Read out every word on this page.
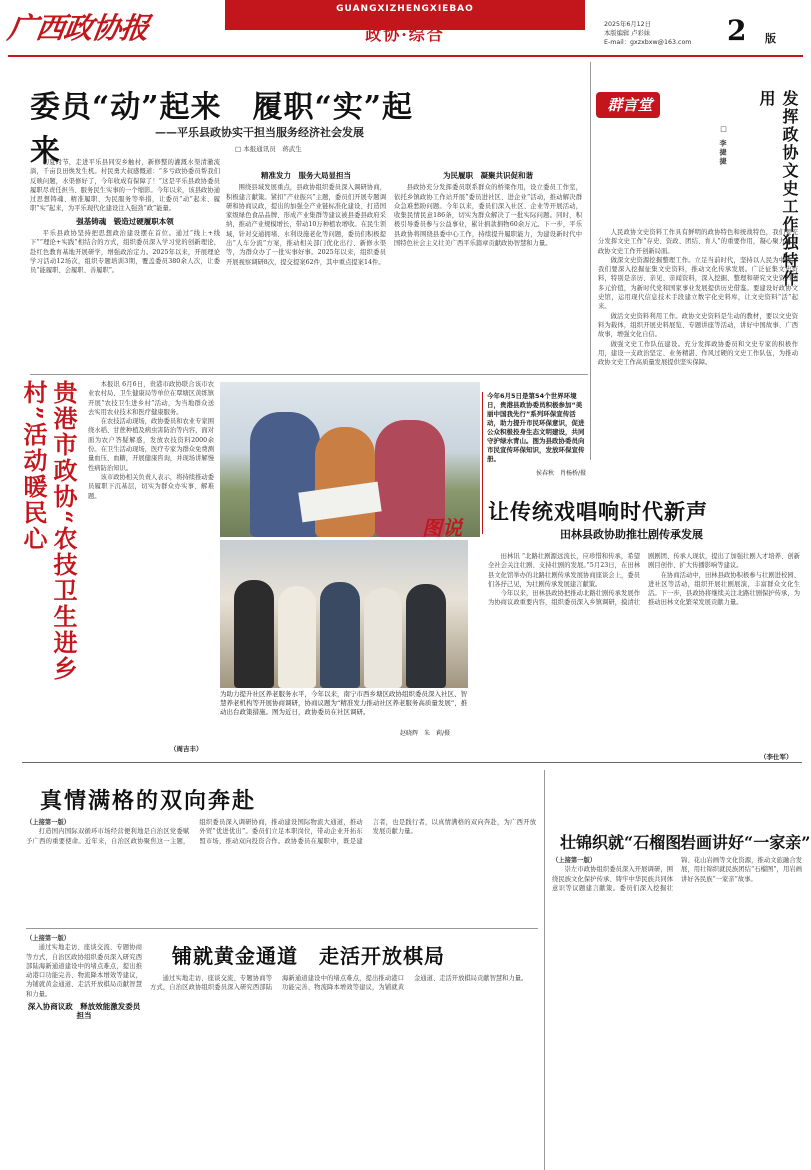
广西政协报
GUANGXIZHENGXIEBAO
政协·综合
2025年6月12日
本版编辑 卢彩妹
E-mail：gxzxbxw@163.com 2 版
委员“动”起来　履职“实”起来
——平乐县政协实干担当服务经济社会发展
□ 本报通讯员　蒋武生

初夏时节，走进平乐县同安乡触村，新修整的灌溉水渠清澈流淌，千亩良田焕发生机。村民勇大叔感慨道：“多亏政协委员帮我们反映问题，水渠修好了，今年收成有保障了！”这是平乐县政协委员履职尽责任担当、服务民生实事的一个缩影。今年以来，该县政协通过思想铸魂、精准履职、为民服务等举措，让委员“动”起来、履职“实”起来，为平乐现代化建设注入强劲“政”能量。

强基铸魂　锻造过硬履职本领

平乐县政协坚持把思想政治建设摆在首位。通过“线上+线下”“理论+实践”相结合的方式，组织委员深入学习党的创新理论，赴红色教育基地开展研学，增强政治定力。2025年以来，开展理论学习活动12场次，组织专题培训3期，覆盖委员380余人次，让委员“能履职、会履职、善履职”。

精准发力　服务大局显担当

围绕县域发展重点，县政协组织委员深入调研协商，积极建言献策。紧扣“产业振兴”主题，委员们开展专题调研和协商议政，提出的加强全产业链标准化建设、打造国家级绿色食品品牌、形成产业集群等建议被县委县政府采纳，推动产业规模增长，带动10万种植农增收。在民生领域，针对交通拥堵、水利设施老化等问题，委员们积极提出“人车分流”方案，推动相关部门优化出行、新修水渠等，为群众办了一批实事好事。2025年以来，组织委员开展视察调研8次，提交提案62件，其中重点提案14件。

为民履职　凝聚共识促和谐

县政协充分发挥委员联系群众的桥梁作用，设立委员工作室，依托乡镇政协工作站开展“委员进社区、进企业”活动，推动解决群众急难愁盼问题。今年以来，委员们深入社区、企业等开展活动，收集民情民意186条，切实为群众解决了一批实际问题。同时，积极引导委员参与公益事业，累计捐款捐物60余万元。下一步，平乐县政协将围绕县委中心工作，持续提升履职能力，为建设新时代中国特色社会主义壮美广西平乐篇章贡献政协智慧和力量。

群言堂	发挥政协文史工作独特作用
□ 李捷捷

人民政协文史资料工作具有鲜明的政协特色和统战特色，我们要充分发挥文史工作“存史、资政、团结、育人”的重要作用，凝心聚力推动政协文史工作开创新局面。

做深文史资源挖掘整理工作。立足当前时代，坚持以人民为中心，我们要深入挖掘征集文史资料，推动文化传承发展。广泛征集文史资料，特别是亲历、亲见、亲闻资料，深入挖掘、整理和研究文史资料的多元价值，为新时代党和国家事业发展提供历史借鉴。要建设好政协文史馆，运用现代信息技术手段建立数字化史料库，让文史资料“活”起来。

做活文史资料利用工作。政协文史资料是生动的教材，要以文史资料为载体，组织开展史料展览、专题讲座等活动，讲好中国故事、广西故事，增强文化自信。

做强文史工作队伍建设。充分发挥政协委员和文史专家的积极作用，建设一支政治坚定、业务精湛、作风过硬的文史工作队伍，为推动政协文史工作高质量发展提供坚实保障。

贵港市政协“农技卫生进乡村”活动暖民心	本报讯 6月6日，贵港市政协联合该市农业农村局、卫生健康局等单位在覃塘区黄练镇开展“农技卫生进乡村”活动，为当地群众送去实用农业技术和医疗健康服务。

在农技活动现场，政协委员和农业专家围绕水稻、甘蔗种植及病虫害防治等内容，面对面为农户答疑解惑，发放农技资料2000余份。在卫生活动现场，医疗专家为群众免费测量血压、血糖，开展健康咨询，并现场讲解慢性病防治知识。

该市政协相关负责人表示，将持续推动委员履职下沉基层，切实为群众办实事、解难题。

（周吉丰）
今年6月5日是第54个世界环境日，贵港县政协委员积极参加“美丽中国我先行”系列环保宣传活动，助力提升市民环保意识，促进公众积极投身生态文明建设，共同守护绿水青山。图为县政协委员向市民宣传环保知识，发放环保宣传册。
侯春秋　肖杨桥/摄
图说
为助力提升社区养老服务水平，今年以来，南宁市西乡塘区政协组织委员深入社区、智慧养老机构等开展协商调研，协商议题为“精准发力推动社区养老服务高质量发展”，推动出台政策措施。图为近日，政协委员在社区调研。
赵晓辉　朱　莉/摄
让传统戏唱响时代新声
田林县政协助推壮剧传承发展

田林讯 “北路壮剧源远流长，应珍惜和传承，希望全社会关注壮剧、支持壮剧的发展。”5月23日，在田林县文化馆举办的北路壮剧传承发展协商座谈会上，委员们各抒己见，为壮剧传承发展建言献策。

今年以来，田林县政协把推动北路壮剧传承发展作为协商议政重要内容，组织委员深入乡镇调研，摸清壮剧剧团、传承人现状，提出了加强壮剧人才培养、创新剧目创作、扩大传播影响等建议。

在协商活动中，田林县政协积极参与壮剧进校园、进社区等活动，组织开展壮剧展演，丰富群众文化生活。下一步，县政协将继续关注北路壮剧保护传承，为推动田林文化繁荣发展贡献力量。

（李仕军）
真情满格的双向奔赴

（上接第一版）

打造国内国际双循环市场经营便利地是自治区党委赋予广西的重要使命。近年来，自治区政协聚焦这一主题，组织委员深入调研协商，推动建设国际物流大通道，推动外贸“优进优出”。委员们立足本职岗位，带动企业开拓东盟市场，推动双向投资合作。政协委员在履职中，既是建言者，也是践行者，以真情满格的双向奔赴，为广西开放发展贡献力量。

（上接第一版）

通过实地走访、座谈交流、专题协商等方式，自治区政协组织委员深入研究西部陆海新通道建设中的堵点难点，提出推动港口功能完善、物流降本增效等建议，为铺就黄金通道、走活开放棋局贡献智慧和力量。

深入协商议政　释放效能激发委员担当

铺就黄金通道　走活开放棋局

通过实地走访、座谈交流、专题协商等方式，自治区政协组织委员深入研究西部陆海新通道建设中的堵点难点，提出推动港口功能完善、物流降本增效等建议，为铺就黄金通道、走活开放棋局贡献智慧和力量。

壮锦织就“石榴图”
岩画讲好“一家亲”

（上接第一版）

崇左市政协组织委员深入开展调研，围绕民族文化保护传承、铸牢中华民族共同体意识等议题建言献策。委员们深入挖掘壮锦、花山岩画等文化资源，推动文旅融合发展，用壮锦织就民族团结“石榴图”，用岩画讲好各民族“一家亲”故事。
